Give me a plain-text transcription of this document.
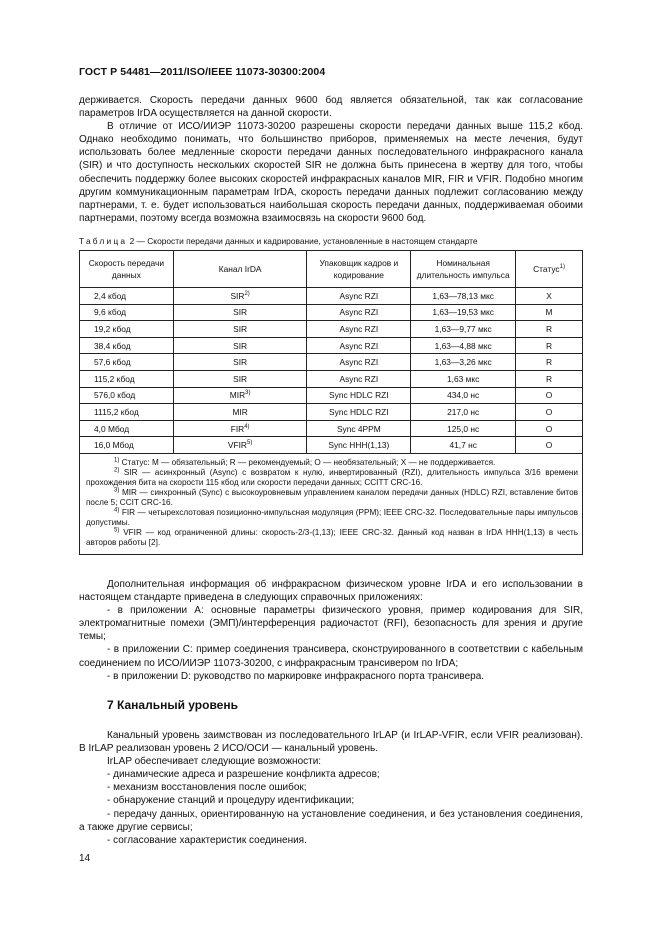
ГОСТ Р 54481—2011/ISO/IEEE 11073-30300:2004

держивается. Скорость передачи данных 9600 бод является обязательной, так как согласование параметров IrDA осуществляется на данной скорости.

В отличие от ИСО/ИИЭР 11073-30200 разрешены скорости передачи данных выше 115,2 кбод. Однако необходимо понимать, что большинство приборов, применяемых на месте лечения, будут использовать более медленные скорости передачи данных последовательного инфракрасного канала (SIR) и что доступность нескольких скоростей SIR не должна быть принесена в жертву для того, чтобы обеспечить поддержку более высоких скоростей инфракрасных каналов MIR, FIR и VFIR. Подобно многим другим коммуникационным параметрам IrDA, скорость передачи данных подлежит согласованию между партнерами, т. е. будет использоваться наибольшая скорость передачи данных, поддерживаемая обоими партнерами, поэтому всегда возможна взаимосвязь на скорости 9600 бод.

Таблица 2 — Скорости передачи данных и кадрирование, установленные в настоящем стандарте
Скорость передачи данных	Канал IrDA	Упаковщик кадров и кодирование	Номинальная длительность импульса	Статус$^{1)}$
2,4 кбод	SIR$^{2)}$	Async RZI	1,63—78,13 мкс	X
9,6 кбод	SIR	Async RZI	1,63—19,53 мкс	M
19,2 кбод	SIR	Async RZI	1,63—9,77 мкс	R
38,4 кбод	SIR	Async RZI	1,63—4,88 мкс	R
57,6 кбод	SIR	Async RZI	1,63—3,26 мкс	R
115,2 кбод	SIR	Async RZI	1,63 мкс	R
576,0 кбод	MIR$^{3)}$	Sync HDLC RZI	434,0 нс	O
1115,2 кбод	MIR	Sync HDLC RZI	217,0 нс	O
4,0 Мбод	FIR$^{4)}$	Sync 4PPM	125,0 нс	O
16,0 Мбод	VFIR$^{5)}$	Sync HHH(1,13)	41,7 нс	O

$^{1)}$ Статус: M — обязательный; R — рекомендуемый; O — необязательный; X — не поддерживается.

$^{2)}$ SIR — асинхронный (Async) с возвратом к нулю, инвертированный (RZI), длительность импульса 3/16 времени прохождения бита на скорости 115 кбод или скорости передачи данных; CCITT CRC-16.

$^{3)}$ MIR — синхронный (Sync) с высокоуровневым управлением каналом передачи данных (HDLC) RZI, вставление битов после 5; CCIT CRC-16.

$^{4)}$ FIR — четырехслотовая позиционно-импульсная модуляция (PPM); IEEE CRC-32. Последовательные пары импульсов допустимы.

$^{5)}$ VFIR — код ограниченной длины: скорость-2/3-(1,13); IEEE CRC-32. Данный код назван в IrDA HHH(1,13) в честь авторов работы [2].				

Дополнительная информация об инфракрасном физическом уровне IrDA и его использовании в настоящем стандарте приведена в следующих справочных приложениях:

- в приложении А: основные параметры физического уровня, пример кодирования для SIR, электромагнитные помехи (ЭМП)/интерференция радиочастот (RFI), безопасность для зрения и другие темы;

- в приложении С: пример соединения трансивера, сконструированного в соответствии с кабельным соединением по ИСО/ИИЭР 11073-30200, с инфракрасным трансивером по IrDA;

- в приложении D: руководство по маркировке инфракрасного порта трансивера.

7 Канальный уровень

Канальный уровень заимствован из последовательного IrLAP (и IrLAP-VFIR, если VFIR реализован). В IrLAP реализован уровень 2 ИСО/ОСИ — канальный уровень.

IrLAP обеспечивает следующие возможности:

- динамические адреса и разрешение конфликта адресов;

- механизм восстановления после ошибок;

- обнаружение станций и процедуру идентификации;

- передачу данных, ориентированную на установление соединения, и без установления соединения, а также другие сервисы;

- согласование характеристик соединения.

14
